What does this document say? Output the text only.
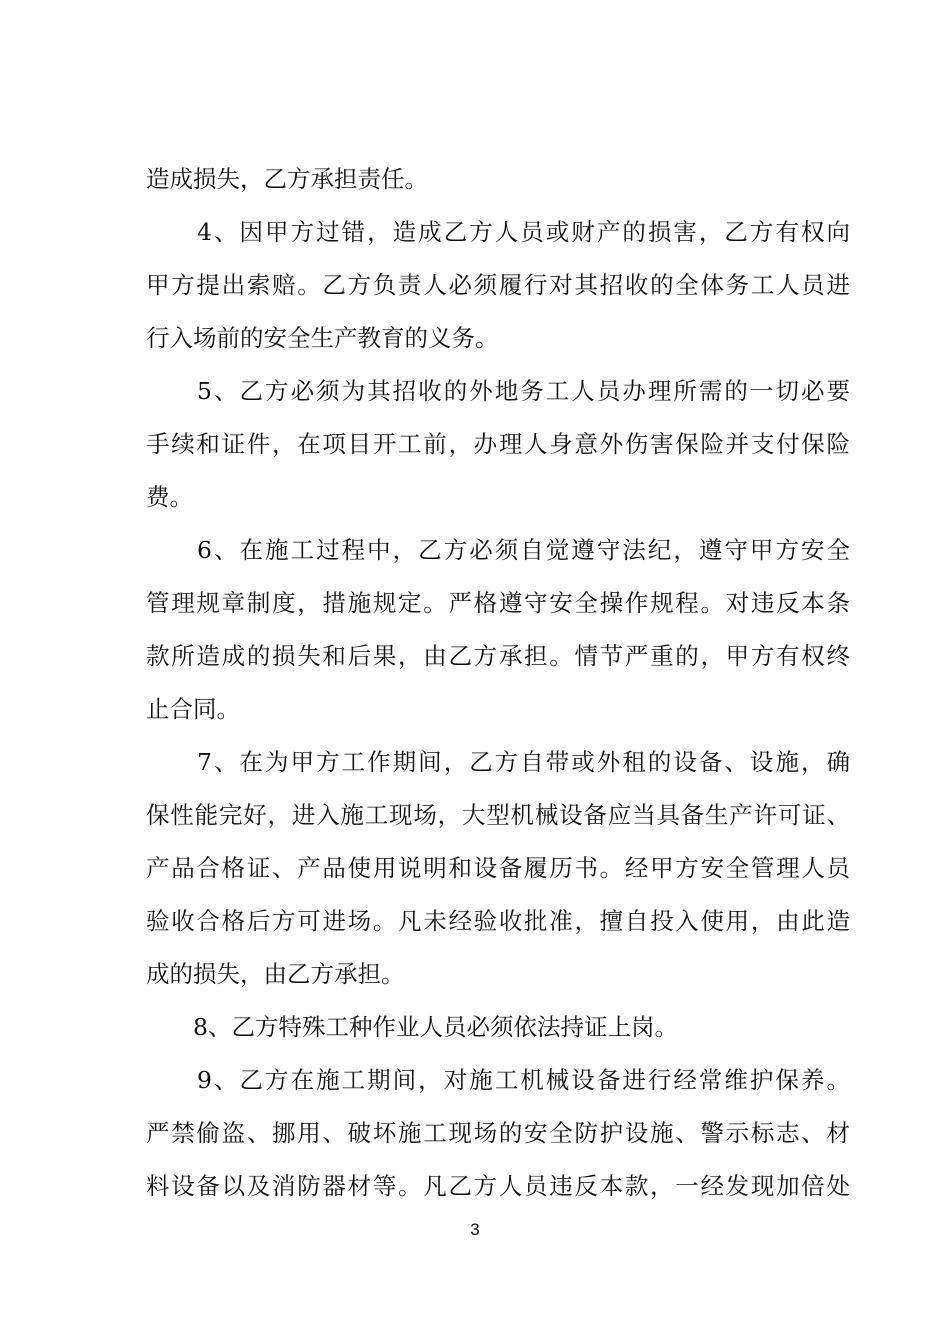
造成损失，乙方承担责任。
　　4、因甲方过错，造成乙方人员或财产的损害，乙方有权向
甲方提出索赔。乙方负责人必须履行对其招收的全体务工人员进
行入场前的安全生产教育的义务。
　　5、乙方必须为其招收的外地务工人员办理所需的一切必要
手续和证件，在项目开工前，办理人身意外伤害保险并支付保险
费。
　　6、在施工过程中，乙方必须自觉遵守法纪，遵守甲方安全
管理规章制度，措施规定。严格遵守安全操作规程。对违反本条
款所造成的损失和后果，由乙方承担。情节严重的，甲方有权终
止合同。
　　7、在为甲方工作期间，乙方自带或外租的设备、设施，确
保性能完好，进入施工现场，大型机械设备应当具备生产许可证、
产品合格证、产品使用说明和设备履历书。经甲方安全管理人员
验收合格后方可进场。凡未经验收批准，擅自投入使用，由此造
成的损失，由乙方承担。
　　8、乙方特殊工种作业人员必须依法持证上岗。
　　9、乙方在施工期间，对施工机械设备进行经常维护保养。
严禁偷盗、挪用、破坏施工现场的安全防护设施、警示标志、材
料设备以及消防器材等。凡乙方人员违反本款，一经发现加倍处
3
